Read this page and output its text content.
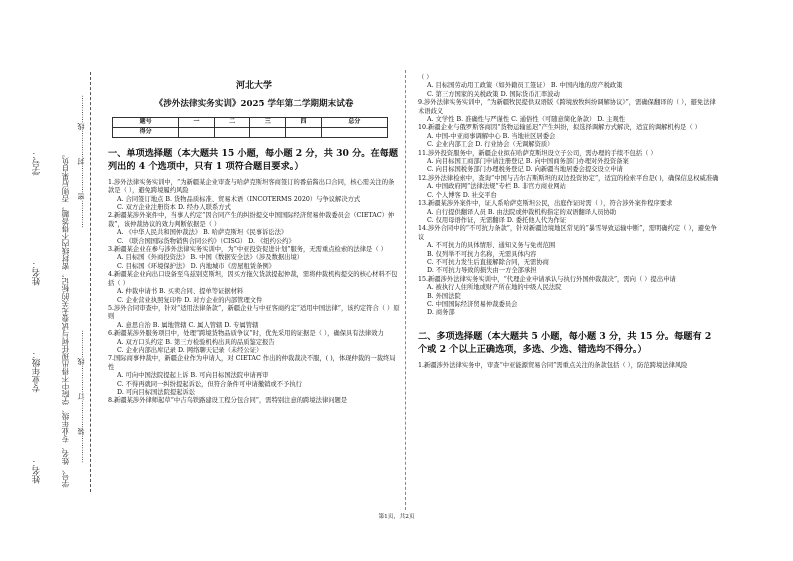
学号：
姓名：
专业年级：
姓名：	学号、姓名、专业年级、学院中不得出现任何与试卷无关的标记，密封线内不得答题，否则后果自负。 …………密…………封…………线…………
…………装…………订…………线…………
河北大学
《涉外法律实务实训》2025 学年第二学期期末试卷
题号	一	二	三	四	总分
得分					
一、单项选择题（本大题共 15 小题，每小题 2 分，共 30 分。在每题列出的 4 个选项中，只有 1 项符合题目要求。）
1.涉外法律实务实训中，“为新疆某企业审查与哈萨克斯坦客商签订的番茄酱出口合同，核心需关注的条款是（ ），避免跨境履约风险
A. 合同签订地点 B. 货物品质标准、贸易术语（INCOTERMS 2020）与争议解决方式
C. 双方企业注册资本 D. 经办人联系方式
2.新疆某涉外案件中，当事人约定“因合同产生的纠纷提交中国国际经济贸易仲裁委员会（CIETAC）仲裁”，该仲裁协议的效力判断依据是（ ）
A. 《中华人民共和国仲裁法》 B. 哈萨克斯坦《民事诉讼法》
C. 《联合国国际货物销售合同公约》（CISG） D. 《纽约公约》
3.新疆某企业在参与涉外法律实务实训中，为“中亚投资促进计划”服务，无需重点检索的法律是（ ）
A. 目标国《外商投资法》 B. 中国《数据安全法》（涉及数据出境）
C. 目标国《环境保护法》 D. 内地城市《房屋租赁条例》
4.新疆某企业向出口设备至乌兹别克斯坦，因买方拖欠货款提起仲裁，需将仲裁机构提交的核心材料不包括（ ）
A. 仲裁申请书 B. 买卖合同、提单等证据材料
C. 企业营业执照复印件 D. 对方企业的内部管理文件
5.涉外合同审查中，针对“适用法律条款”，新疆企业与中亚客商约定“适用中国法律”，该约定符合（ ）原则
A. 意思自治 B. 属地管辖 C. 属人管辖 D. 专属管辖
6.新疆某涉外服务项目中，处理“跨境货物品质争议”时，优先采用的证据是（ ），确保具有法律效力
A. 双方口头约定 B. 第三方检验机构出具的品质鉴定报告
C. 企业内部出库记录 D. 网络聊天记录（未经公证）
7.国际商事仲裁中，新疆企业作为申请人，对 CIETAC 作出的仲裁裁决不服，( )，体现仲裁的一裁终局性
A. 可向中国法院提起上诉 B. 可向目标国法院申请再审
C. 不得再就同一纠纷提起诉讼，但符合条件可申请撤销或不予执行
D. 可向目标国法院提起诉讼
8.新疆某涉外律师起草“中吉乌铁路建设工程分包合同”，需特别注意的跨境法律问题是
（ ）
A. 目标国劳动用工政策（如外籍员工签证） B. 中国内地的房产税政策
C. 第三方国家的关税政策 D. 国际货币汇率波动
9.涉外法律实务实训中，“为新疆牧民提供双语版《跨境放牧纠纷调解协议》”，需确保翻译的（ ），避免法律术语歧义
A. 文学性 B. 准确性与严谨性 C. 通俗性（可随意简化条款） D. 主观性
10.新疆企业与俄罗斯客商因“货物运输延迟”产生纠纷，拟选择调解方式解决，适宜的调解机构是（ ）
A. 中国-中亚商事调解中心 B. 当地社区居委会
C. 企业内部工会 D. 行业协会（无调解资质）
11.涉外投资服务中，新疆企业拟在哈萨克斯坦设立子公司，需办理的手续不包括（ ）
A. 向目标国工商部门申请注册登记 B. 向中国商务部门办理对外投资备案
C. 向目标国税务部门办理税务登记 D. 向新疆当地居委会提交设立申请
12.涉外法律检索中，查询“中国与吉尔吉斯斯坦的双边投资协定”，适宜的检索平台是( )，确保信息权威准确
A. 中国政府网“法律法规”专栏 B. 非官方商业网站
C. 个人博客 D. 社交平台
13.新疆某涉外案件中，证人系哈萨克斯坦公民，出庭作证时需（ ），符合涉外案件程序要求
A. 自行提供翻译人员 B. 由法院或仲裁机构指定的双语翻译人员协助
C. 仅用母语作证，无需翻译 D. 委托他人代为作证
14.涉外合同中的“不可抗力条款”，针对新疆边境地区常见的“暴雪导致运输中断”，需明确约定（ ），避免争议
A. 不可抗力的具体情形、通知义务与免责范围
B. 仅列举不可抗力名称，无需具体内容
C. 不可抗力发生后直接解除合同，无需协商
D. 不可抗力导致的损失由一方全部承担
15.新疆涉外法律实务实训中，“代理企业申请承认与执行外国仲裁裁决”，需向（ ）提出申请
A. 被执行人住所地或财产所在地的中级人民法院
B. 外国法院
C. 中国国际经济贸易仲裁委员会
D. 商务部
二、多项选择题（本大题共 5 小题，每小题 3 分，共 15 分。每题有 2 个或 2 个以上正确选项，多选、少选、错选均不得分。）
1.新疆涉外法律实务中，审查“中亚能源贸易合同”需重点关注的条款包括（ ），防范跨境法律风险
第1页，共2页
